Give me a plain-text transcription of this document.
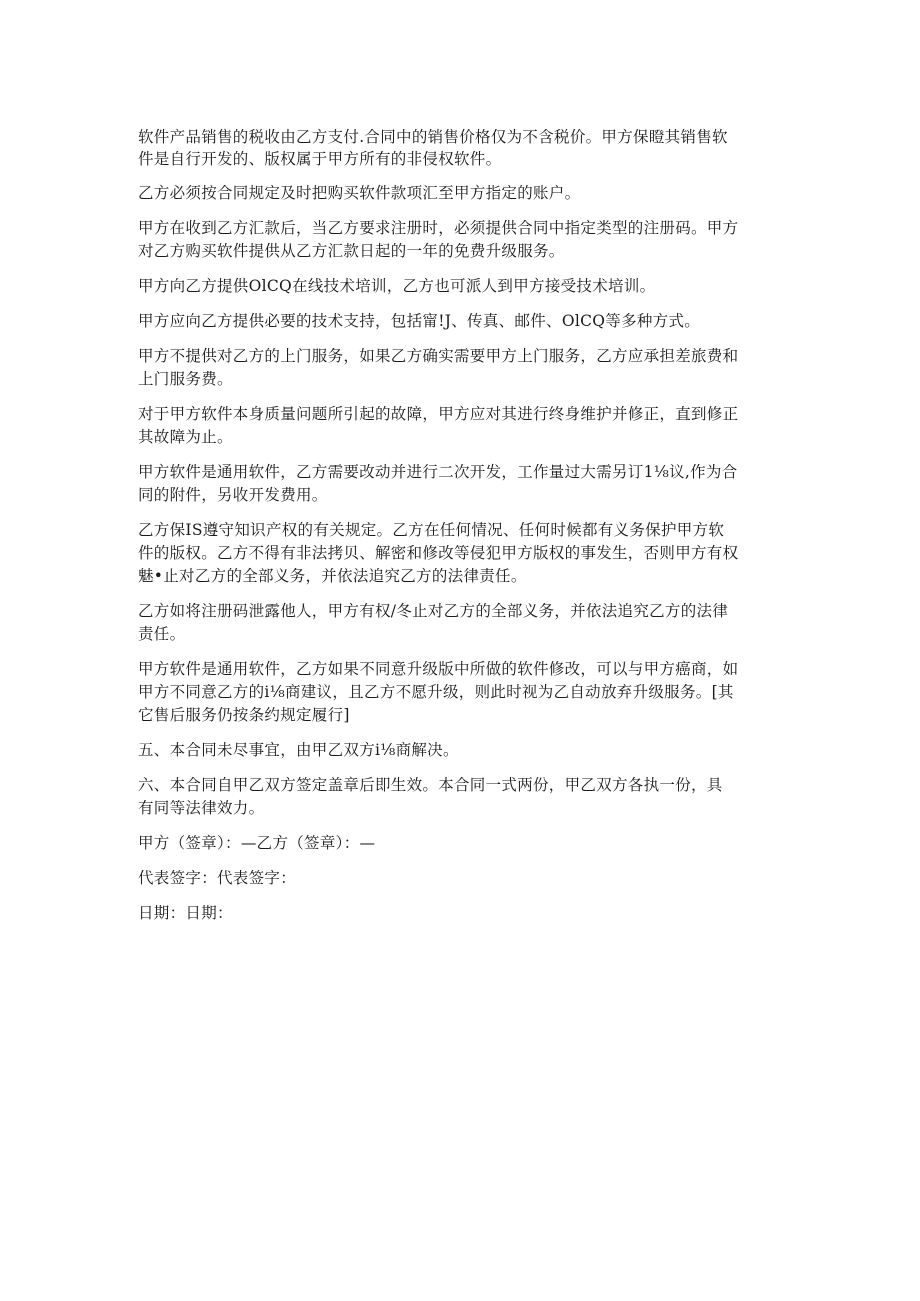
软件产品销售的税收由乙方支付.合同中的销售价格仅为不含税价。甲方保瞪其销售软
件是自行开发的、版权属于甲方所有的非侵权软件。

乙方必须按合同规定及时把购买软件款项汇至甲方指定的账户。

甲方在收到乙方汇款后，当乙方要求注册时，必须提供合同中指定类型的注册码。甲方
对乙方购买软件提供从乙方汇款日起的一年的免费升级服务。

甲方向乙方提供OlCQ在线技术培训，乙方也可派人到甲方接受技术培训。

甲方应向乙方提供必要的技术支持，包括甯!J、传真、邮件、OlCQ等多种方式。

甲方不提供对乙方的上门服务，如果乙方确实需要甲方上门服务，乙方应承担差旅费和
上门服务费。

对于甲方软件本身质量问题所引起的故障，甲方应对其进行终身维护并修正，直到修正
其故障为止。

甲方软件是通用软件，乙方需要改动并进行二次开发，工作量过大需另订1⅛议,作为合
同的附件，另收开发费用。

乙方保IS遵守知识产权的有关规定。乙方在任何情况、任何时候都有义务保护甲方软
件的版权。乙方不得有非法拷贝、解密和修改等侵犯甲方版权的事发生，否则甲方有权
魅•止对乙方的全部义务，并依法追究乙方的法律责任。

乙方如将注册码泄露他人，甲方有权/冬止对乙方的全部义务，并依法追究乙方的法律
责任。

甲方软件是通用软件，乙方如果不同意升级版中所做的软件修改，可以与甲方癌商，如
甲方不同意乙方的i⅛商建议，且乙方不愿升级，则此时视为乙自动放弃升级服务。[其
它售后服务仍按条约规定履行]

五、本合同未尽事宜，由甲乙双方i⅛商解决。

六、本合同自甲乙双方签定盖章后即生效。本合同一式两份，甲乙双方各执一份，具
有同等法律效力。

甲方（签章）：—乙方（签章）：—

代表签字：代表签字：

日期：日期：
